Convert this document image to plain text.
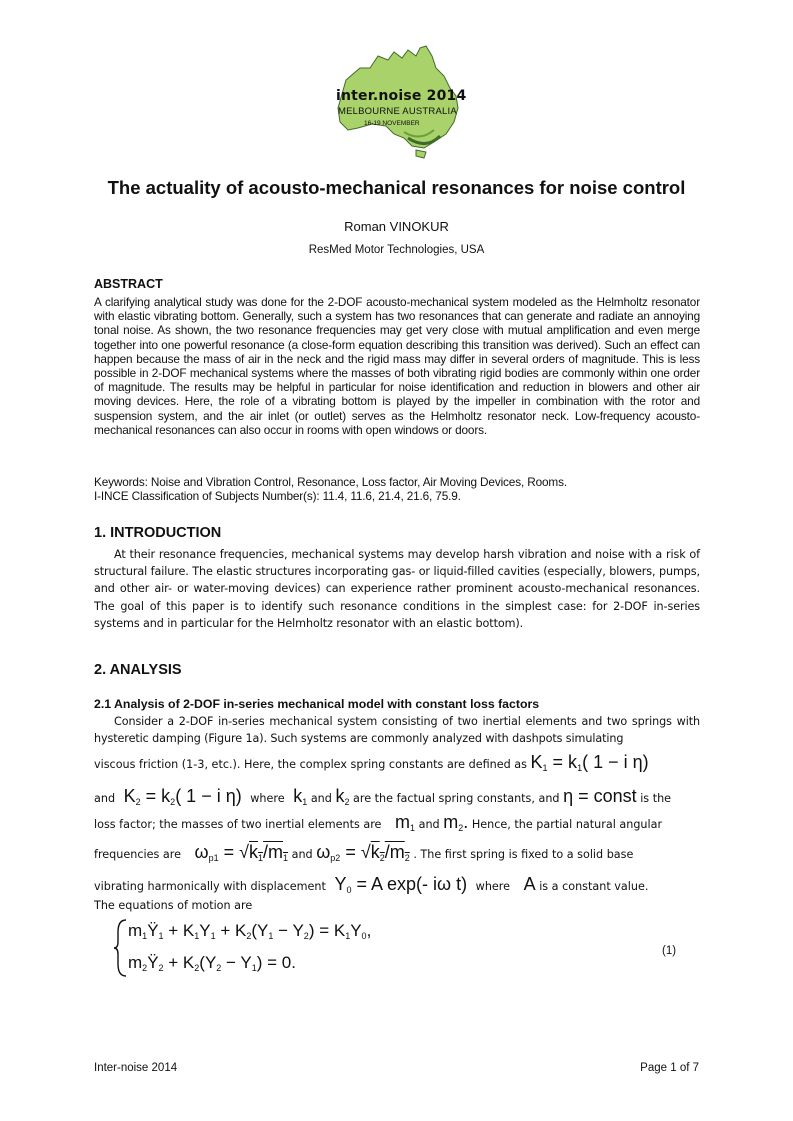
inter.noise 2014
MELBOURNE AUSTRALIA
16-19 NOVEMBER
The actuality of acousto-mechanical resonances for noise control
Roman VINOKUR
ResMed Motor Technologies, USA
ABSTRACT
A clarifying analytical study was done for the 2-DOF acousto-mechanical system modeled as the Helmholtz resonator with elastic vibrating bottom. Generally, such a system has two resonances that can generate and radiate an annoying tonal noise. As shown, the two resonance frequencies may get very close with mutual amplification and even merge together into one powerful resonance (a close-form equation describing this transition was derived). Such an effect can happen because the mass of air in the neck and the rigid mass may differ in several orders of magnitude. This is less possible in 2-DOF mechanical systems where the masses of both vibrating rigid bodies are commonly within one order of magnitude. The results may be helpful in particular for noise identification and reduction in blowers and other air moving devices. Here, the role of a vibrating bottom is played by the impeller in combination with the rotor and suspension system, and the air inlet (or outlet) serves as the Helmholtz resonator neck. Low-frequency acousto-mechanical resonances can also occur in rooms with open windows or doors.
Keywords: Noise and Vibration Control, Resonance, Loss factor, Air Moving Devices, Rooms.
I-INCE Classification of Subjects Number(s): 11.4, 11.6, 21.4, 21.6, 75.9.
1. INTRODUCTION
At their resonance frequencies, mechanical systems may develop harsh vibration and noise with a risk of structural failure. The elastic structures incorporating gas- or liquid-filled cavities (especially, blowers, pumps, and other air- or water-moving devices) can experience rather prominent acousto-mechanical resonances. The goal of this paper is to identify such resonance conditions in the simplest case: for 2-DOF in-series systems and in particular for the Helmholtz resonator with an elastic bottom).
2. ANALYSIS
2.1 Analysis of 2-DOF in-series mechanical model with constant loss factors
Consider a 2-DOF in-series mechanical system consisting of two inertial elements and two springs with hysteretic damping (Figure 1a). Such systems are commonly analyzed with dashpots simulating
viscous friction (1-3, etc.). Here, the complex spring constants are defined as K1 = k1( 1 − i η)
and  K2 = k2( 1 − i η)  where  k1 and k2 are the factual spring constants, and η = const is the
loss factor; the masses of two inertial elements are   m1 and m2. Hence, the partial natural angular
frequencies are   ωp1 = √k1/m1 and ωp2 = √k2/m2 . The first spring is fixed to a solid base
vibrating harmonically with displacement  Y0 = A exp(- iω t)  where   A is a constant value.
The equations of motion are
m1Ÿ1 + K1Y1 + K2(Y1 − Y2) = K1Y0,
m2Ÿ2 + K2(Y2 − Y1) = 0.
(1)
Inter-noise 2014	Page 1 of 7
